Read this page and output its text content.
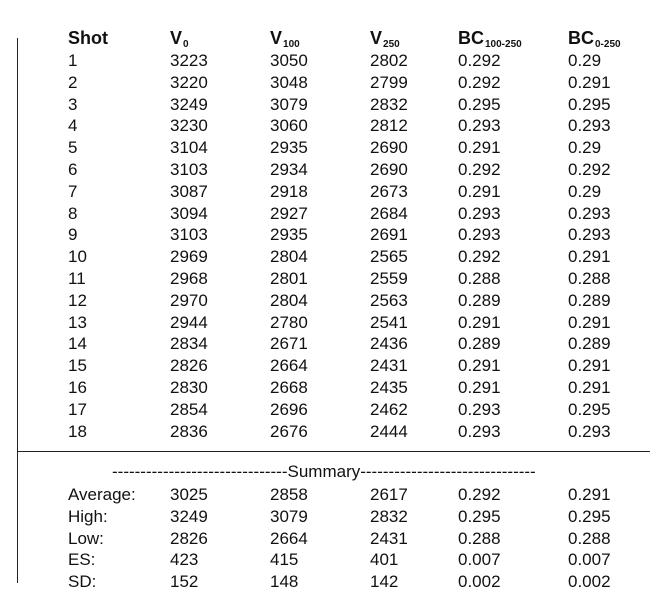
Shot	$V_0$	$V_{100}$	$V_{250}$	$BC_{100-250}$	$BC_{0-250}$
1	3223	3050	2802	0.292	0.29
2	3220	3048	2799	0.292	0.291
3	3249	3079	2832	0.295	0.295
4	3230	3060	2812	0.293	0.293
5	3104	2935	2690	0.291	0.29
6	3103	2934	2690	0.292	0.292
7	3087	2918	2673	0.291	0.29
8	3094	2927	2684	0.293	0.293
9	3103	2935	2691	0.293	0.293
10	2969	2804	2565	0.292	0.291
11	2968	2801	2559	0.288	0.288
12	2970	2804	2563	0.289	0.289
13	2944	2780	2541	0.291	0.291
14	2834	2671	2436	0.289	0.289
15	2826	2664	2431	0.291	0.291
16	2830	2668	2435	0.291	0.291
17	2854	2696	2462	0.293	0.295
18	2836	2676	2444	0.293	0.293
-------------------------------Summary-------------------------------
Average: 3025	2858	2617	0.292	0.291
High:	3249	3079	2832	0.295	0.295
Low:	2826	2664	2431	0.288	0.288
ES:	423	415	401	0.007	0.007
SD:	152	148	142	0.002	0.002
